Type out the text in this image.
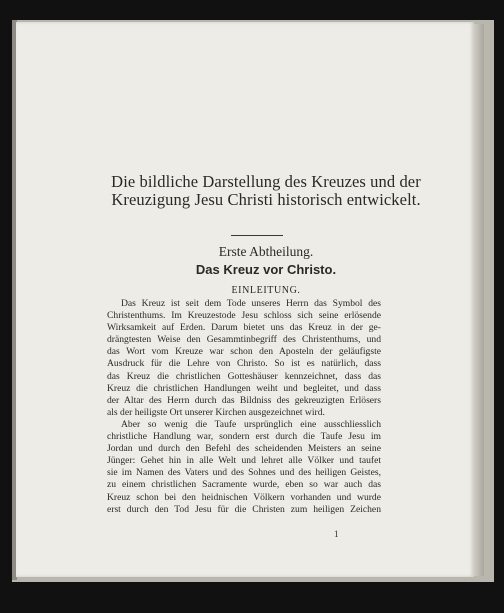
Die bildliche Darstellung des Kreuzes und der
Kreuzigung Jesu Christi historisch entwickelt.
Erste Abtheilung.
Das Kreuz vor Christo.
EINLEITUNG.
Das Kreuz ist seit dem Tode unseres Herrn das Symbol des
Christenthums. Im Kreuzestode Jesu schloss sich seine erlösende
Wirksamkeit auf Erden. Darum bietet uns das Kreuz in der ge-
drängtesten Weise den Gesammtinbegriff des Christenthums, und
das Wort vom Kreuze war schon den Aposteln der geläufigste
Ausdruck für die Lehre von Christo. So ist es natürlich, dass
das Kreuz die christlichen Gotteshäuser kennzeichnet, dass das
Kreuz die christlichen Handlungen weiht und begleitet, und dass
der Altar des Herrn durch das Bildniss des gekreuzigten Erlösers
als der heiligste Ort unserer Kirchen ausgezeichnet wird.
Aber so wenig die Taufe ursprünglich eine ausschliesslich
christliche Handlung war, sondern erst durch die Taufe Jesu im
Jordan und durch den Befehl des scheidenden Meisters an seine
Jünger: Gehet hin in alle Welt und lehret alle Völker und taufet
sie im Namen des Vaters und des Sohnes und des heiligen Geistes,
zu einem christlichen Sacramente wurde, eben so war auch das
Kreuz schon bei den heidnischen Völkern vorhanden und wurde
erst durch den Tod Jesu für die Christen zum heiligen Zeichen
1
